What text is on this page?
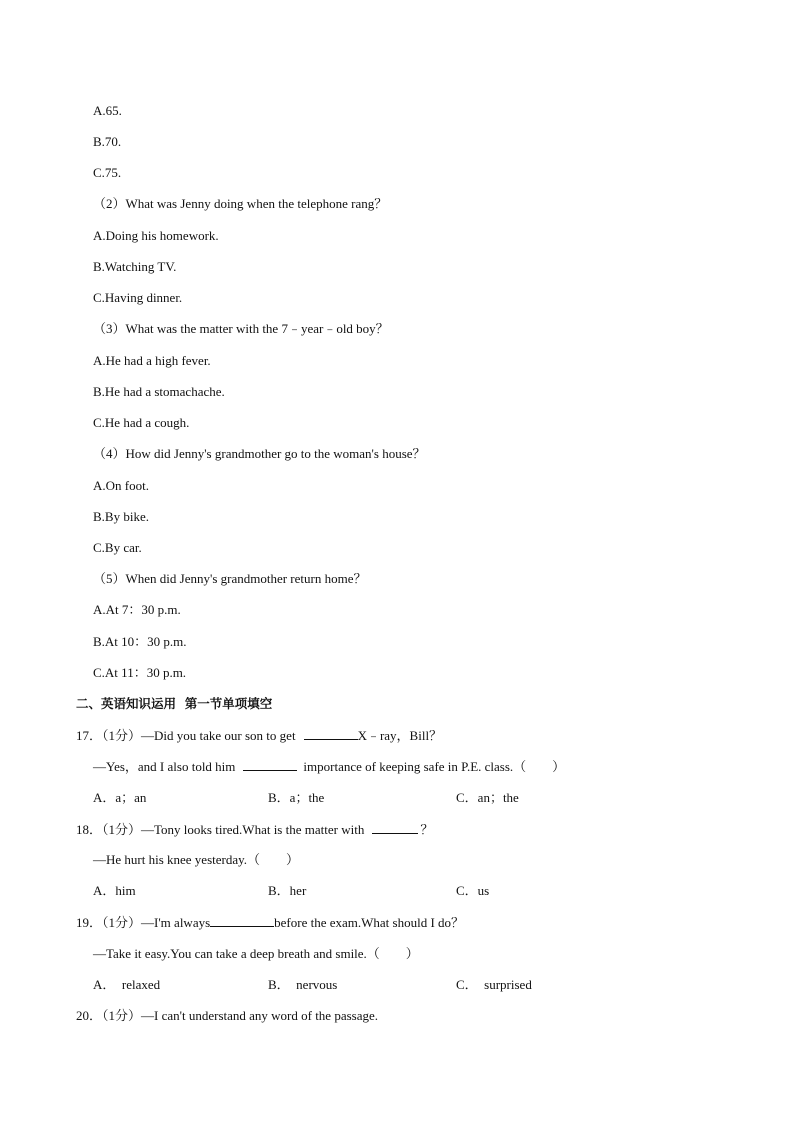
A.65.
B.70.
C.75.
（2）What was Jenny doing when the telephone rang？
A.Doing his homework.
B.Watching TV.
C.Having dinner.
（3）What was the matter with the 7﹣year﹣old boy？
A.He had a high fever.
B.He had a stomachache.
C.He had a cough.
（4）How did Jenny's grandmother go to the woman's house？
A.On foot.
B.By bike.
C.By car.
（5）When did Jenny's grandmother return home？
A.At 7：30 p.m.
B.At 10：30 p.m.
C.At 11：30 p.m.
二、英语知识运用  第一节单项填空
17．（1分）—Did you take our son to get	X﹣ray，Bill？
—Yes，and I also told him	importance of keeping safe in P.E. class.（　　）
A．a；an	B．a；the	C．an；the
18．（1分）—Tony looks tired.What is the matter with	？
—He hurt his knee yesterday.（　　）
A．him	B．her	C．us
19．（1分）—I'm always	before the exam.What should I do？
—Take it easy.You can take a deep breath and smile.（　　）
A．  relaxed	B．  nervous	C．  surprised
20．（1分）—I can't understand any word of the passage.
